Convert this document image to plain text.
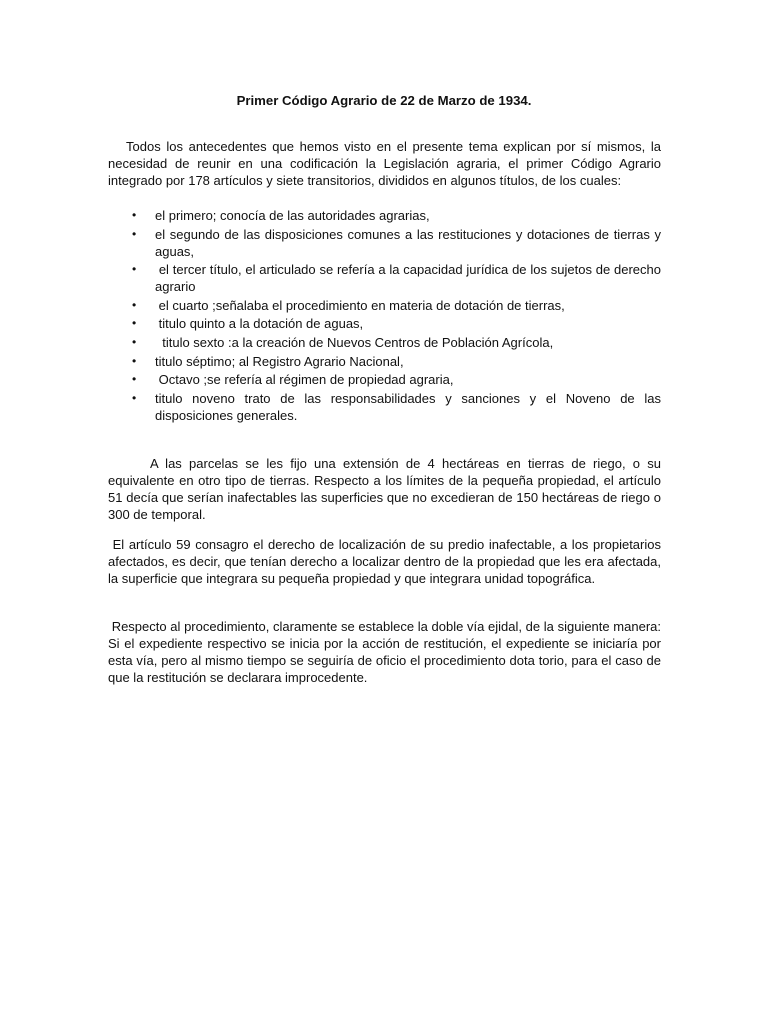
Primer Código Agrario de 22 de Marzo de 1934.
Todos los antecedentes que hemos visto en el presente tema explican por sí mismos, la necesidad de reunir en una codificación la Legislación agraria, el primer Código Agrario integrado por 178 artículos y siete transitorios, divididos en algunos títulos, de los cuales:
• el primero; conocía de las autoridades agrarias,
• el segundo de las disposiciones comunes a las restituciones y dotaciones de tierras y aguas,
• el tercer título, el articulado se refería a la capacidad jurídica de los sujetos de derecho agrario
• el cuarto ;señalaba el procedimiento en materia de dotación de tierras,
• titulo quinto a la dotación de aguas,
• titulo sexto :a la creación de Nuevos Centros de Población Agrícola,
• titulo séptimo; al Registro Agrario Nacional,
• Octavo ;se refería al régimen de propiedad agraria,
• titulo noveno trato de las responsabilidades y sanciones y el Noveno de las disposiciones generales.
A las parcelas se les fijo una extensión de 4 hectáreas en tierras de riego, o su equivalente en otro tipo de tierras. Respecto a los límites de la pequeña propiedad, el artículo 51 decía que serían inafectables las superficies que no excedieran de 150 hectáreas de riego o 300 de temporal.
El artículo 59 consagro el derecho de localización de su predio inafectable, a los propietarios afectados, es decir, que tenían derecho a localizar dentro de la propiedad que les era afectada, la superficie que integrara su pequeña propiedad y que integrara unidad topográfica.
Respecto al procedimiento, claramente se establece la doble vía ejidal, de la siguiente manera: Si el expediente respectivo se inicia por la acción de restitución, el expediente se iniciaría por esta vía, pero al mismo tiempo se seguiría de oficio el procedimiento dota torio, para el caso de que la restitución se declarara improcedente.
